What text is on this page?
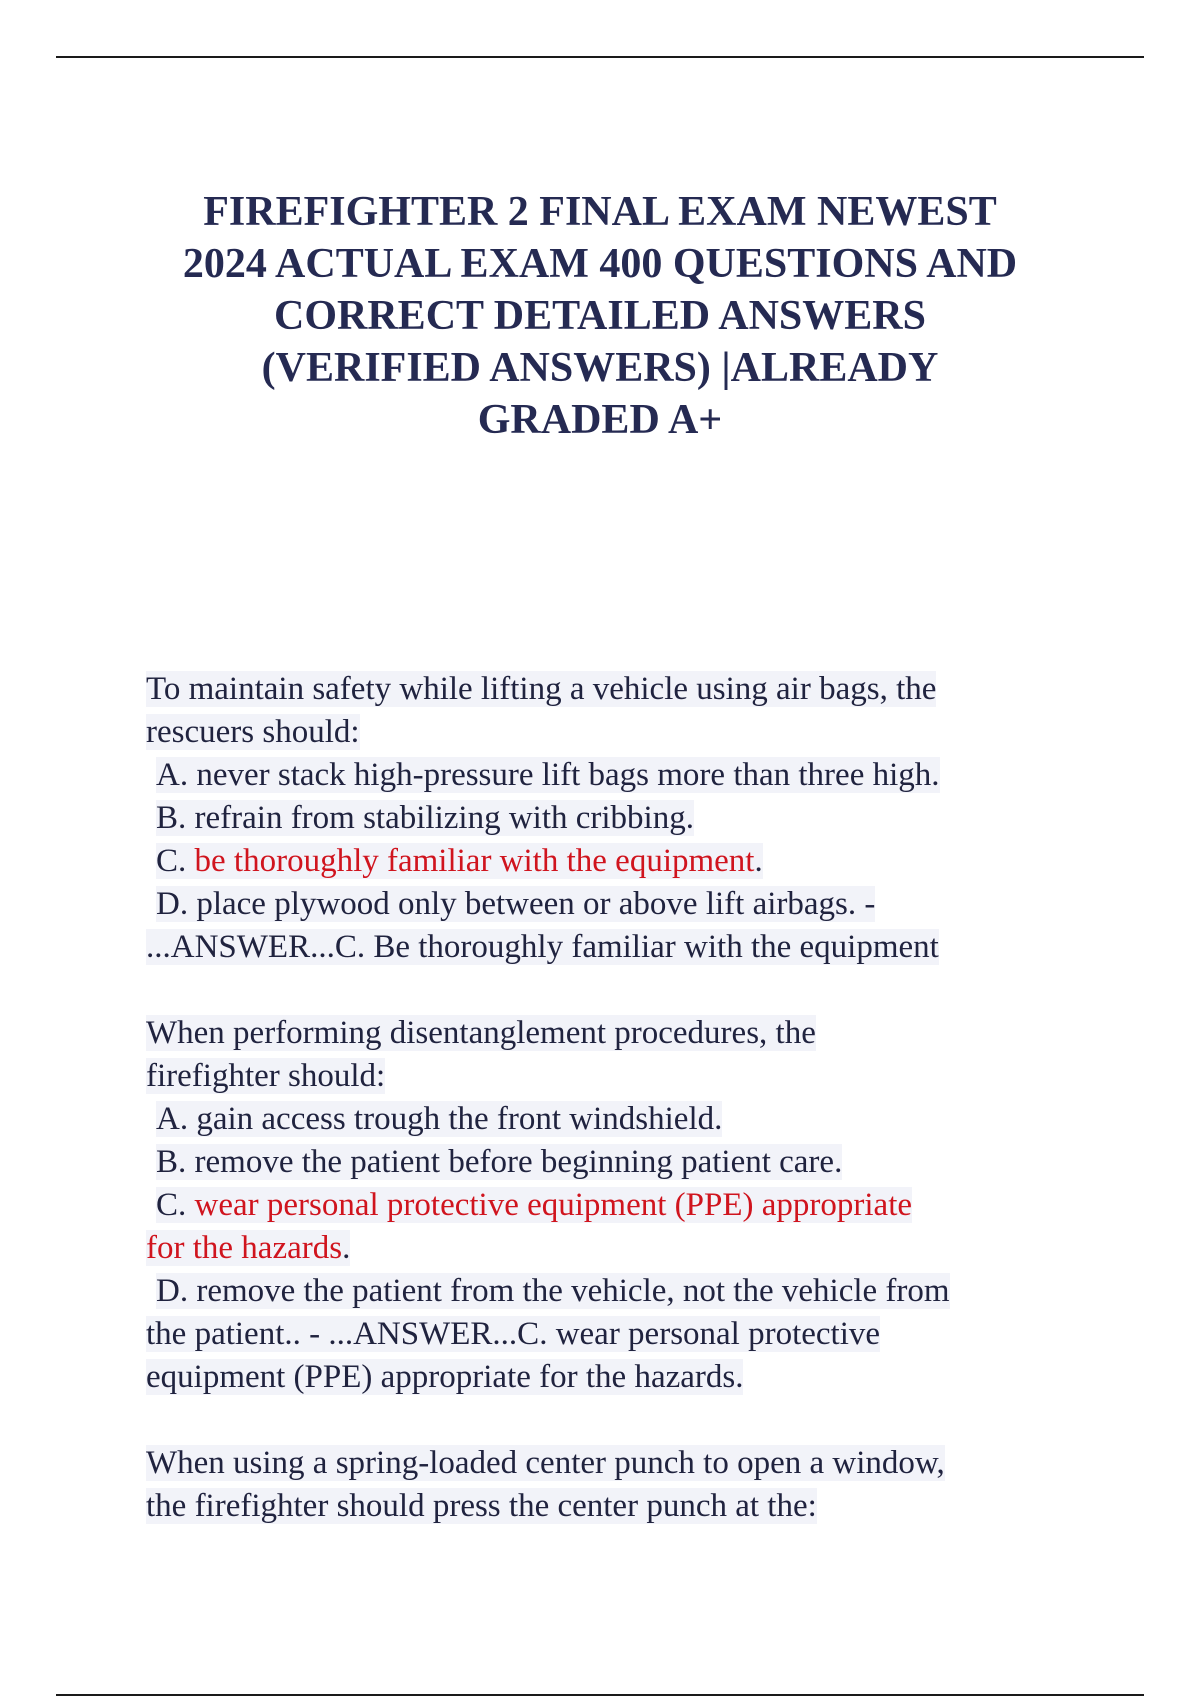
FIREFIGHTER 2 FINAL EXAM NEWEST
2024 ACTUAL EXAM 400 QUESTIONS AND
CORRECT DETAILED ANSWERS
(VERIFIED ANSWERS) |ALREADY
GRADED A+
To maintain safety while lifting a vehicle using air bags, the
rescuers should:
A. never stack high-pressure lift bags more than three high.
B. refrain from stabilizing with cribbing.
C. be thoroughly familiar with the equipment.
D. place plywood only between or above lift airbags. -
...ANSWER...C. Be thoroughly familiar with the equipment
When performing disentanglement procedures, the
firefighter should:
A. gain access trough the front windshield.
B. remove the patient before beginning patient care.
C. wear personal protective equipment (PPE) appropriate
for the hazards.
D. remove the patient from the vehicle, not the vehicle from
the patient.. - ...ANSWER...C. wear personal protective
equipment (PPE) appropriate for the hazards.
When using a spring-loaded center punch to open a window,
the firefighter should press the center punch at the:
